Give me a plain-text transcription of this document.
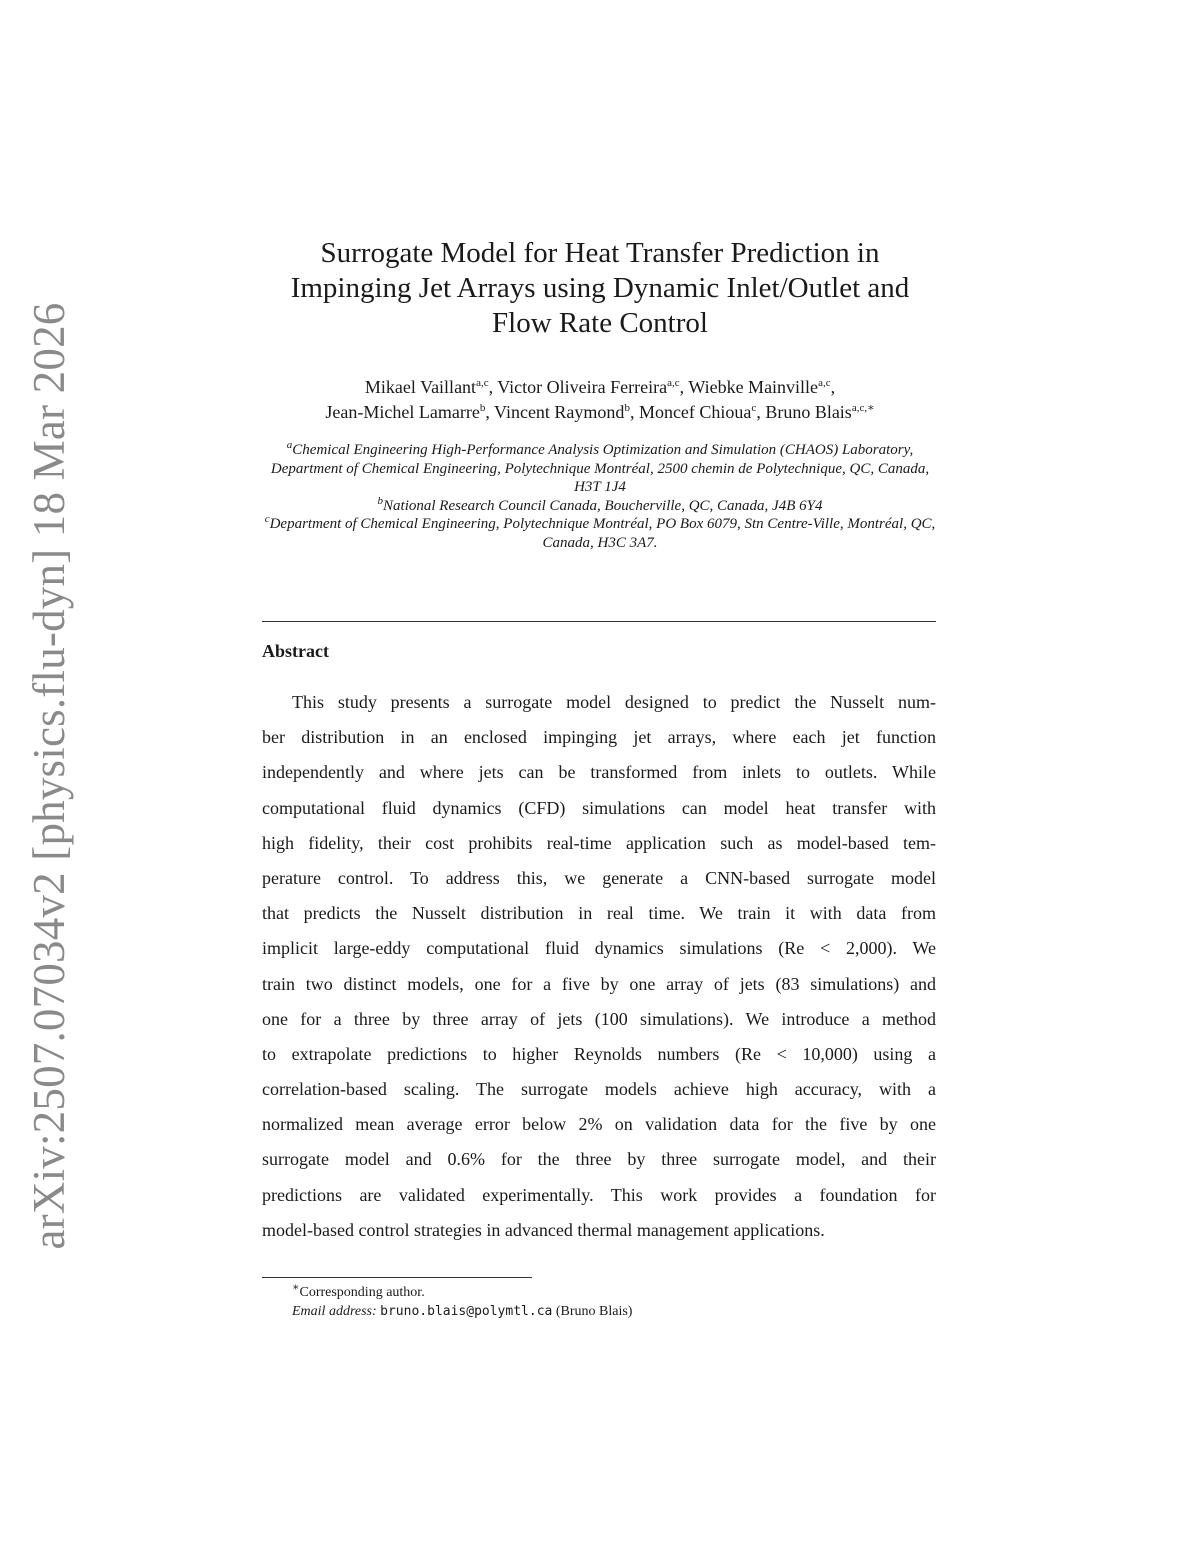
arXiv:2507.07034v2 [physics.flu-dyn] 18 Mar 2026
Surrogate Model for Heat Transfer Prediction in
Impinging Jet Arrays using Dynamic Inlet/Outlet and
Flow Rate Control
Mikael Vaillant$^{a,c}$, Victor Oliveira Ferreira$^{a,c}$, Wiebke Mainville$^{a,c}$,
Jean-Michel Lamarre$^b$, Vincent Raymond$^b$, Moncef Chioua$^c$, Bruno Blais$^{a,c,∗}$
$^a$Chemical Engineering High-Performance Analysis Optimization and Simulation (CHAOS) Laboratory, Department of Chemical Engineering, Polytechnique Montréal, 2500 chemin de Polytechnique, QC, Canada, H3T 1J4
$^b$National Research Council Canada, Boucherville, QC, Canada, J4B 6Y4
$^c$Department of Chemical Engineering, Polytechnique Montréal, PO Box 6079, Stn Centre-Ville, Montréal, QC, Canada, H3C 3A7.
Abstract
This study presents a surrogate model designed to predict the Nusselt num-
ber distribution in an enclosed impinging jet arrays, where each jet function
independently and where jets can be transformed from inlets to outlets. While
computational fluid dynamics (CFD) simulations can model heat transfer with
high fidelity, their cost prohibits real-time application such as model-based tem-
perature control. To address this, we generate a CNN-based surrogate model
that predicts the Nusselt distribution in real time. We train it with data from
implicit large-eddy computational fluid dynamics simulations (Re < 2,000). We
train two distinct models, one for a five by one array of jets (83 simulations) and
one for a three by three array of jets (100 simulations). We introduce a method
to extrapolate predictions to higher Reynolds numbers (Re < 10,000) using a
correlation-based scaling. The surrogate models achieve high accuracy, with a
normalized mean average error below 2% on validation data for the five by one
surrogate model and 0.6% for the three by three surrogate model, and their
predictions are validated experimentally. This work provides a foundation for
model-based control strategies in advanced thermal management applications.
∗Corresponding author.
Email address: bruno.blais@polymtl.ca (Bruno Blais)
